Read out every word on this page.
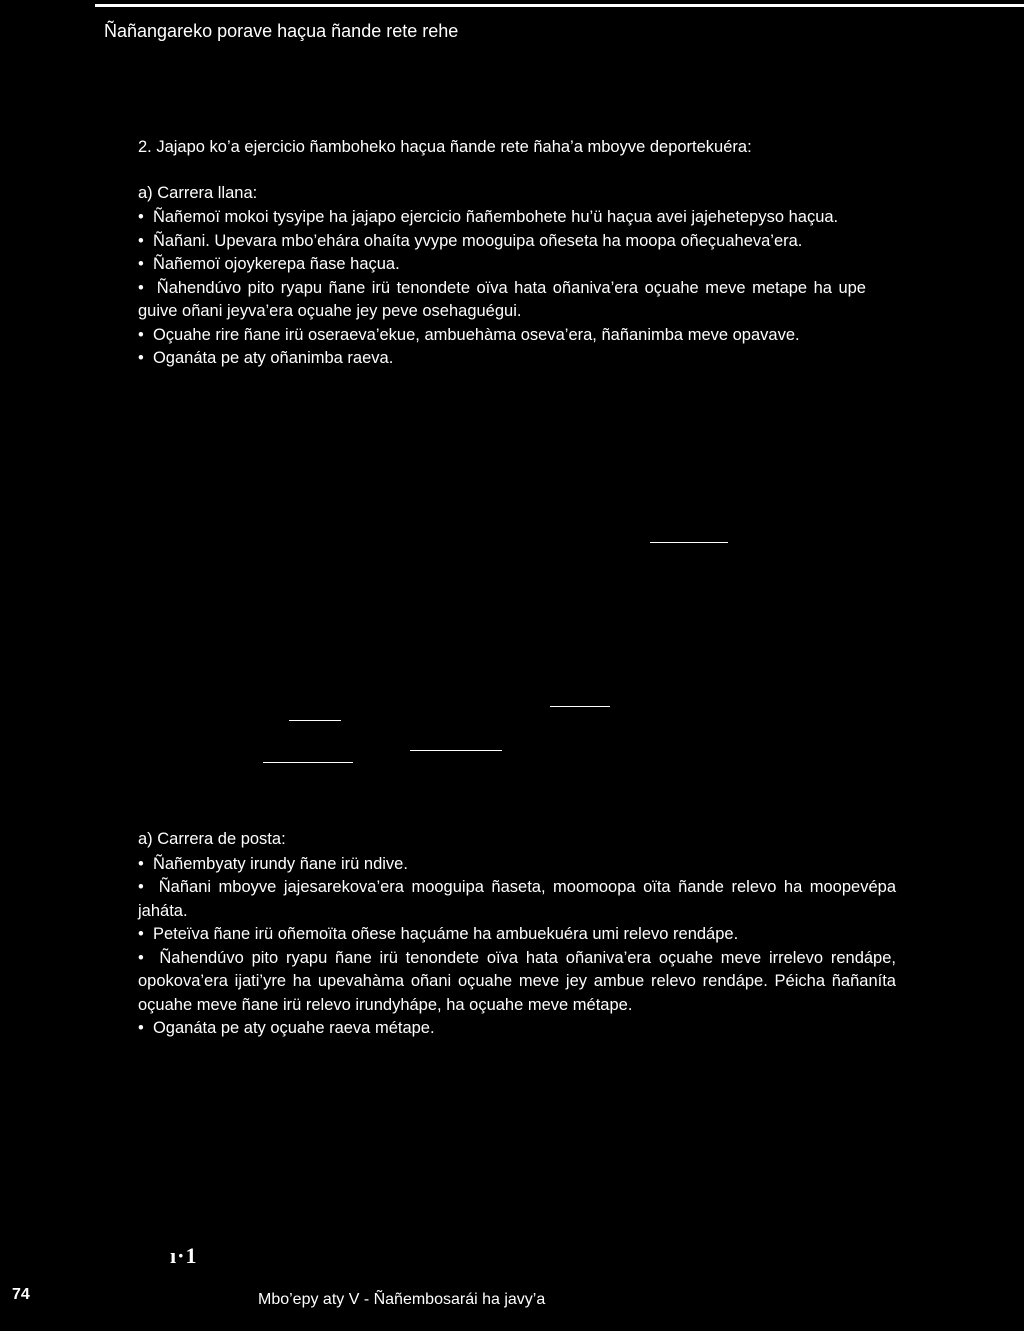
Ñañangareko porave haçua ñande rete rehe

2. Jajapo ko’a ejercicio ñamboheko haçua ñande rete ñaha’a mboyve deportekuéra:

a) Carrera llana:

•  Ñañemoï mokoi tysyipe ha jajapo ejercicio ñañembohete hu’ü haçua avei jajehetepyso haçua.

•  Ñañani. Upevara mbo’ehára ohaíta yvype mooguipa oñeseta ha moopa oñeçuaheva’era.

•  Ñañemoï ojoykerepa ñase haçua.

•  Ñahendúvo pito ryapu ñane irü tenondete oïva hata oñaniva’era oçuahe meve metape ha upe guive oñani jeyva’era oçuahe jey peve osehaguégui.

•  Oçuahe rire ñane irü oseraeva’ekue, ambuehàma oseva’era, ñañanimba meve opavave.

•  Oganáta pe aty oñanimba raeva.

a) Carrera de posta:

•  Ñañembyaty irundy ñane irü ndive.

•  Ñañani mboyve jajesarekova’era mooguipa ñaseta, moomoopa oïta ñande relevo ha moopevépa jaháta.

•  Peteïva ñane irü oñemoïta oñese haçuáme ha ambuekuéra umi relevo rendápe.

•  Ñahendúvo pito ryapu ñane irü tenondete oïva hata oñaniva’era oçuahe meve irrelevo rendápe, opokova’era ijati’yre ha upevahàma oñani oçuahe meve jey ambue relevo rendápe. Péicha ñañaníta oçuahe meve ñane irü relevo irundyhápe, ha oçuahe meve métape.

•  Oganáta pe aty oçuahe raeva métape.

ı·1
74	Mbo’epy aty V - Ñañembosarái ha javy’a
